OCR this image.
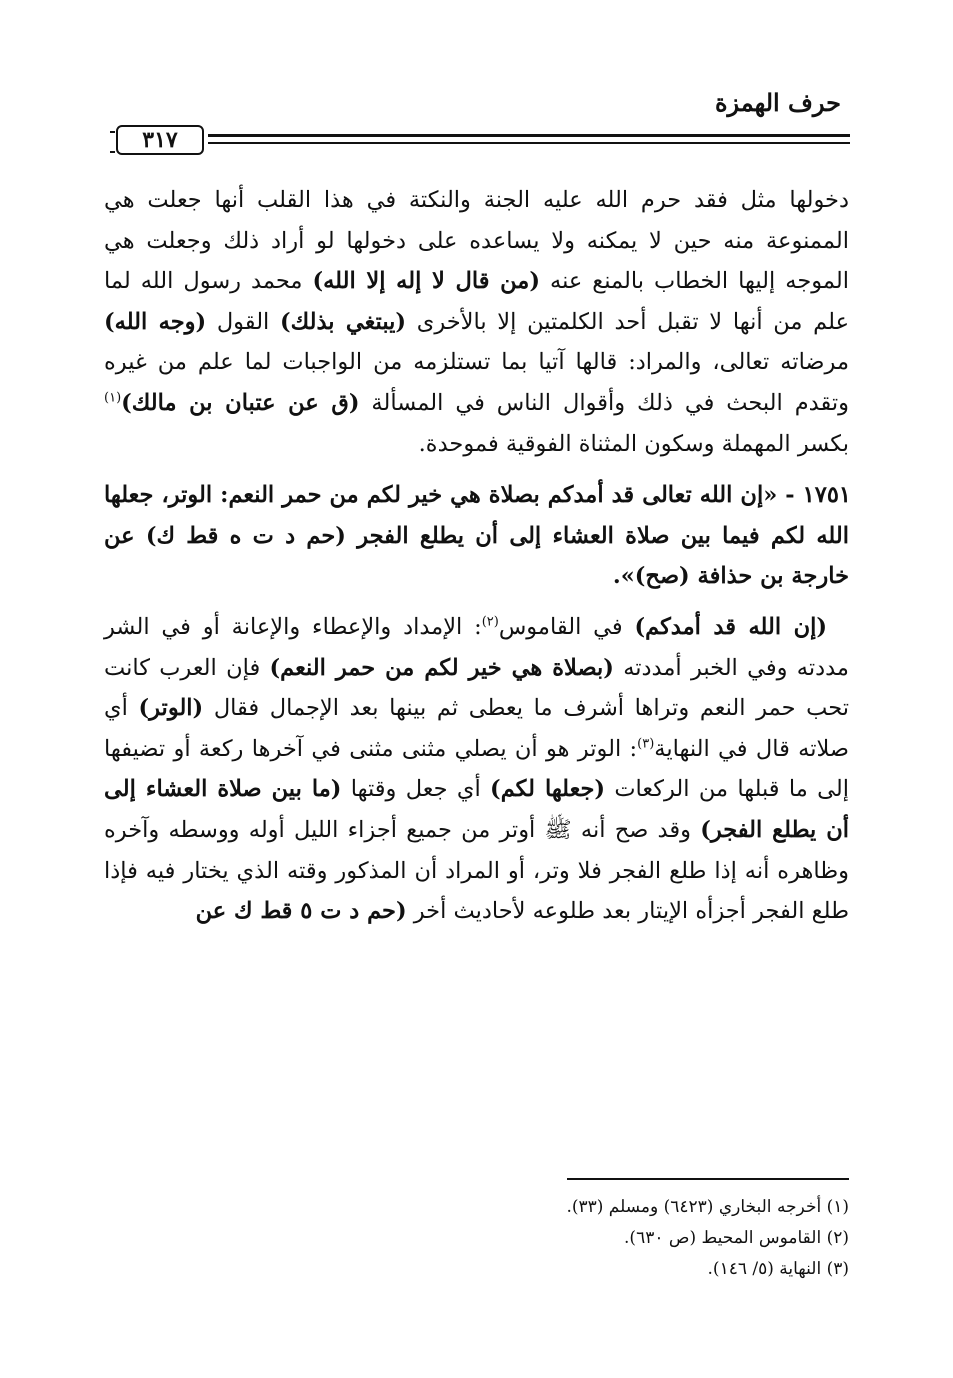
حرف الهمزة
٣١٧

دخولها مثل فقد حرم الله عليه الجنة والنكتة في هذا القلب أنها جعلت هي الممنوعة منه حين لا يمكنه ولا يساعده على دخولها لو أراد ذلك وجعلت هي الموجه إليها الخطاب بالمنع عنه (من قال لا إله إلا الله) محمد رسول الله لما علم من أنها لا تقبل أحد الكلمتين إلا بالأخرى (يبتغي بذلك) القول (وجه الله) مرضاته تعالى، والمراد: قالها آتيا بما تستلزمه من الواجبات لما علم من غيره وتقدم البحث في ذلك وأقوال الناس في المسألة (ق عن عتبان بن مالك)$^{(١)}$ بكسر المهملة وسكون المثناة الفوقية فموحدة.

١٧٥١ - «إن الله تعالى قد أمدكم بصلاة هي خير لكم من حمر النعم: الوتر، جعلها الله لكم فيما بين صلاة العشاء إلى أن يطلع الفجر (حم د ت ه قط ك) عن خارجة بن حذافة (صح)».

(إن الله قد أمدكم) في القاموس$^{(٢)}$: الإمداد والإعطاء والإعانة أو في الشر مددته وفي الخبر أمددته (بصلاة هي خير لكم من حمر النعم) فإن العرب كانت تحب حمر النعم وتراها أشرف ما يعطى ثم بينها بعد الإجمال فقال (الوتر) أي صلاته قال في النهاية$^{(٣)}$: الوتر هو أن يصلي مثنى مثنى في آخرها ركعة أو تضيفها إلى ما قبلها من الركعات (جعلها لكم) أي جعل وقتها (ما بين صلاة العشاء إلى أن يطلع الفجر) وقد صح أنه ﷺ أوتر من جميع أجزاء الليل أوله ووسطه وآخره وظاهره أنه إذا طلع الفجر فلا وتر، أو المراد أن المذكور وقته الذي يختار فيه فإذا طلع الفجر أجزأه الإيتار بعد طلوعه لأحاديث أخر (حم د ت ٥ قط ك عن

(١) أخرجه البخاري (٦٤٢٣) ومسلم (٣٣).
(٢) القاموس المحيط (ص ٦٣٠).
(٣) النهاية (٥/ ١٤٦).
